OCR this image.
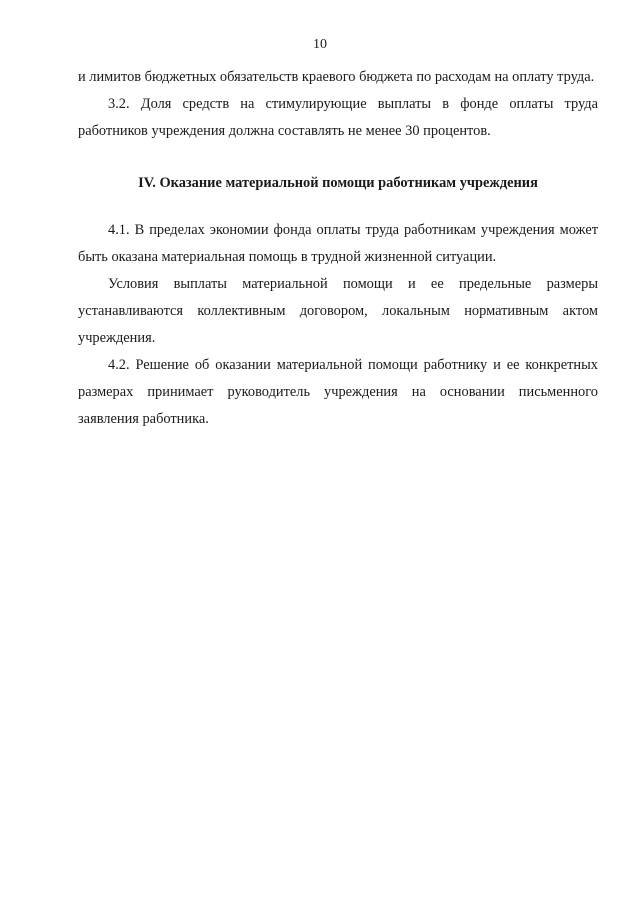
10

и лимитов бюджетных обязательств краевого бюджета по расходам на оплату труда.

3.2. Доля средств на стимулирующие выплаты в фонде оплаты труда работников учреждения должна составлять не менее 30 процентов.

IV. Оказание материальной помощи работникам учреждения

4.1. В пределах экономии фонда оплаты труда работникам учреждения может быть оказана материальная помощь в трудной жизненной ситуации.

Условия выплаты материальной помощи и ее предельные размеры устанавливаются коллективным договором, локальным нормативным актом учреждения.

4.2. Решение об оказании материальной помощи работнику и ее конкретных размерах принимает руководитель учреждения на основании письменного заявления работника.
